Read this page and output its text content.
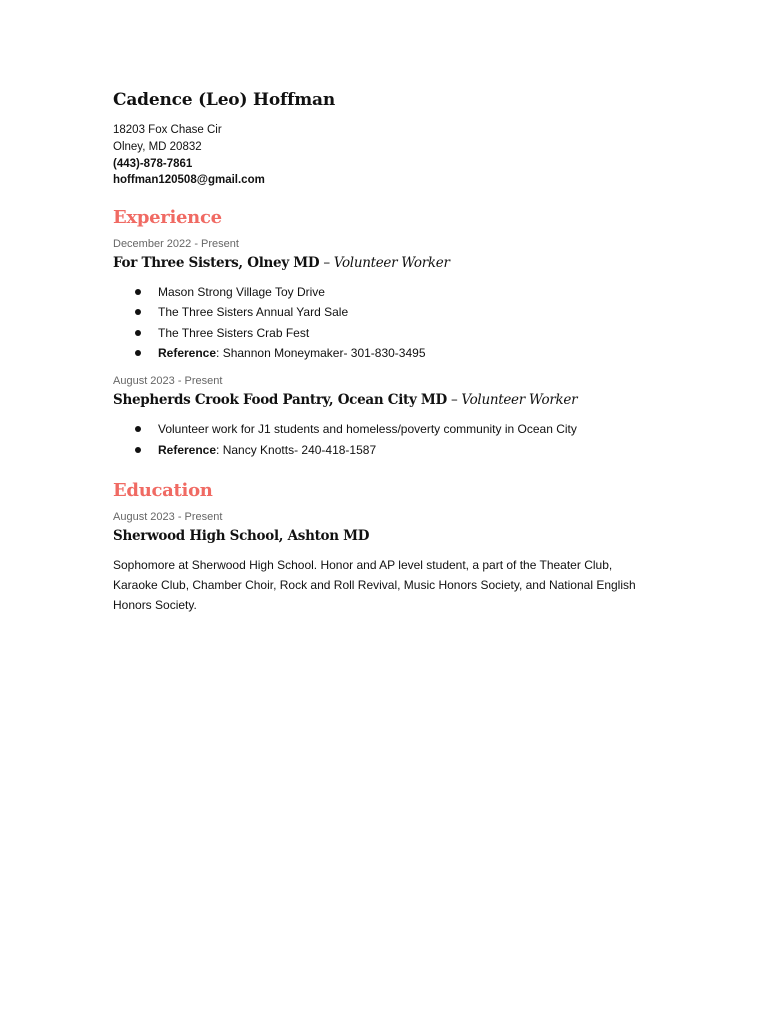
Cadence (Leo) Hoffman
18203 Fox Chase Cir
Olney, MD 20832
(443)-878-7861
hoffman120508@gmail.com
Experience
December 2022 - Present
For Three Sisters, Olney MD – Volunteer Worker
Mason Strong Village Toy Drive
The Three Sisters Annual Yard Sale
The Three Sisters Crab Fest
Reference: Shannon Moneymaker- 301-830-3495
August 2023 - Present
Shepherds Crook Food Pantry, Ocean City MD – Volunteer Worker
Volunteer work for J1 students and homeless/poverty community in Ocean City
Reference: Nancy Knotts- 240-418-1587
Education
August 2023 - Present
Sherwood High School, Ashton MD
Sophomore at Sherwood High School. Honor and AP level student, a part of the Theater Club, Karaoke Club, Chamber Choir, Rock and Roll Revival, Music Honors Society, and National English Honors Society.
